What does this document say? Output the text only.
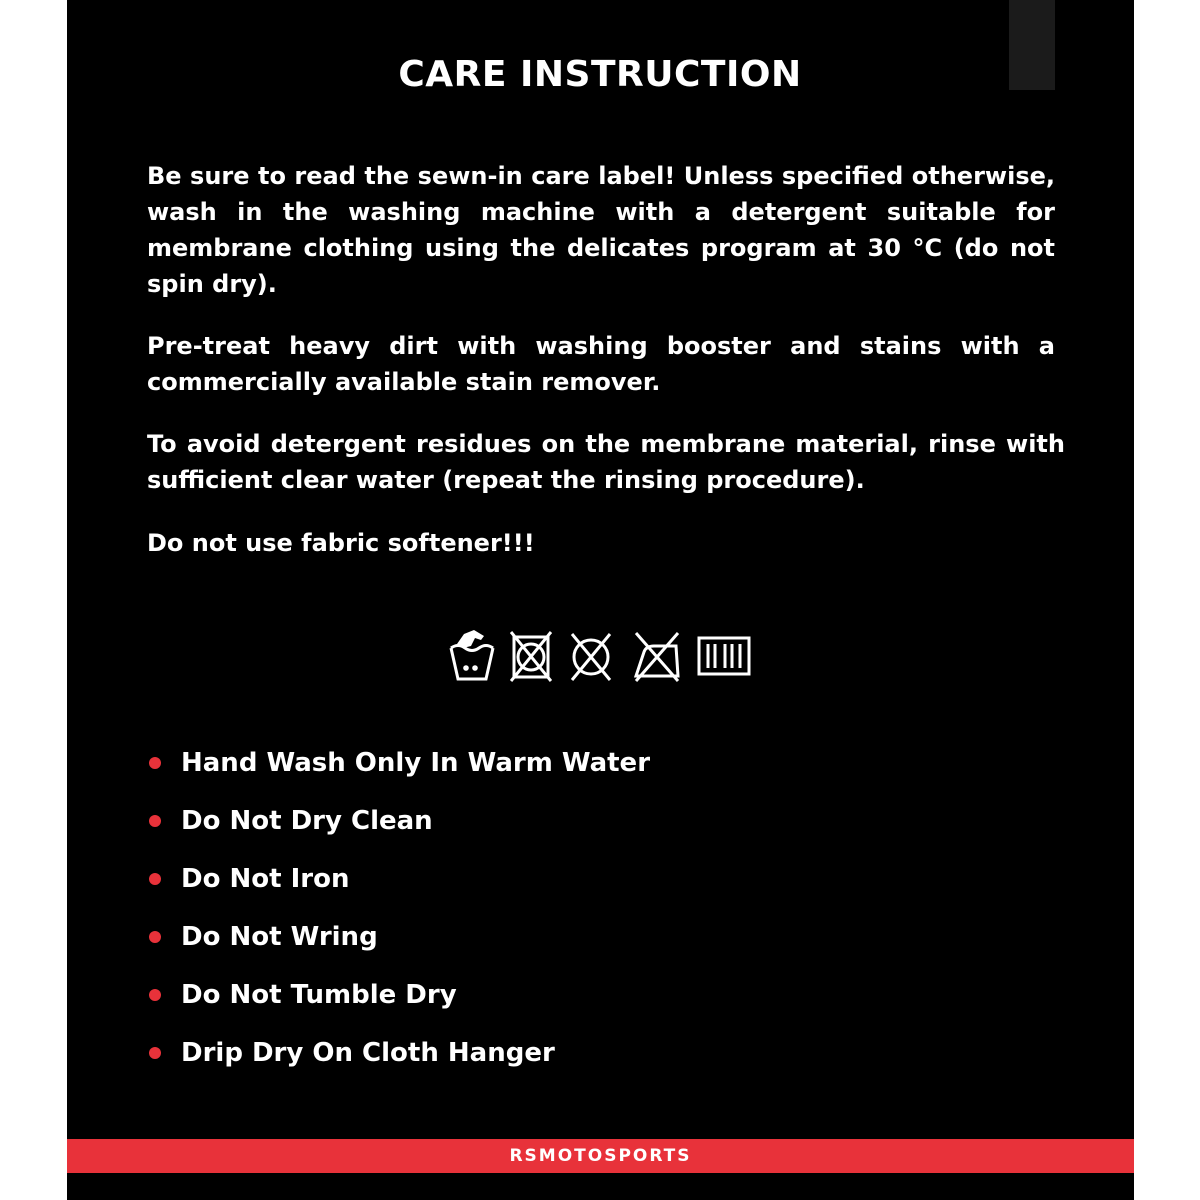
CARE INSTRUCTION
Be sure to read the sewn-in care label! Unless specified otherwise, wash in the washing machine with a detergent suitable for membrane clothing using the delicates program at 30 °C (do not spin dry).
Pre-treat heavy dirt with washing booster and stains with a commercially available stain remover.
To avoid detergent residues on the membrane material, rinse with sufficient clear water (repeat the rinsing procedure).
Do not use fabric softener!!!
Hand Wash Only In Warm Water
Do Not Dry Clean
Do Not Iron
Do Not Wring
Do Not Tumble Dry
Drip Dry On Cloth Hanger
RSMOTOSPORTS
